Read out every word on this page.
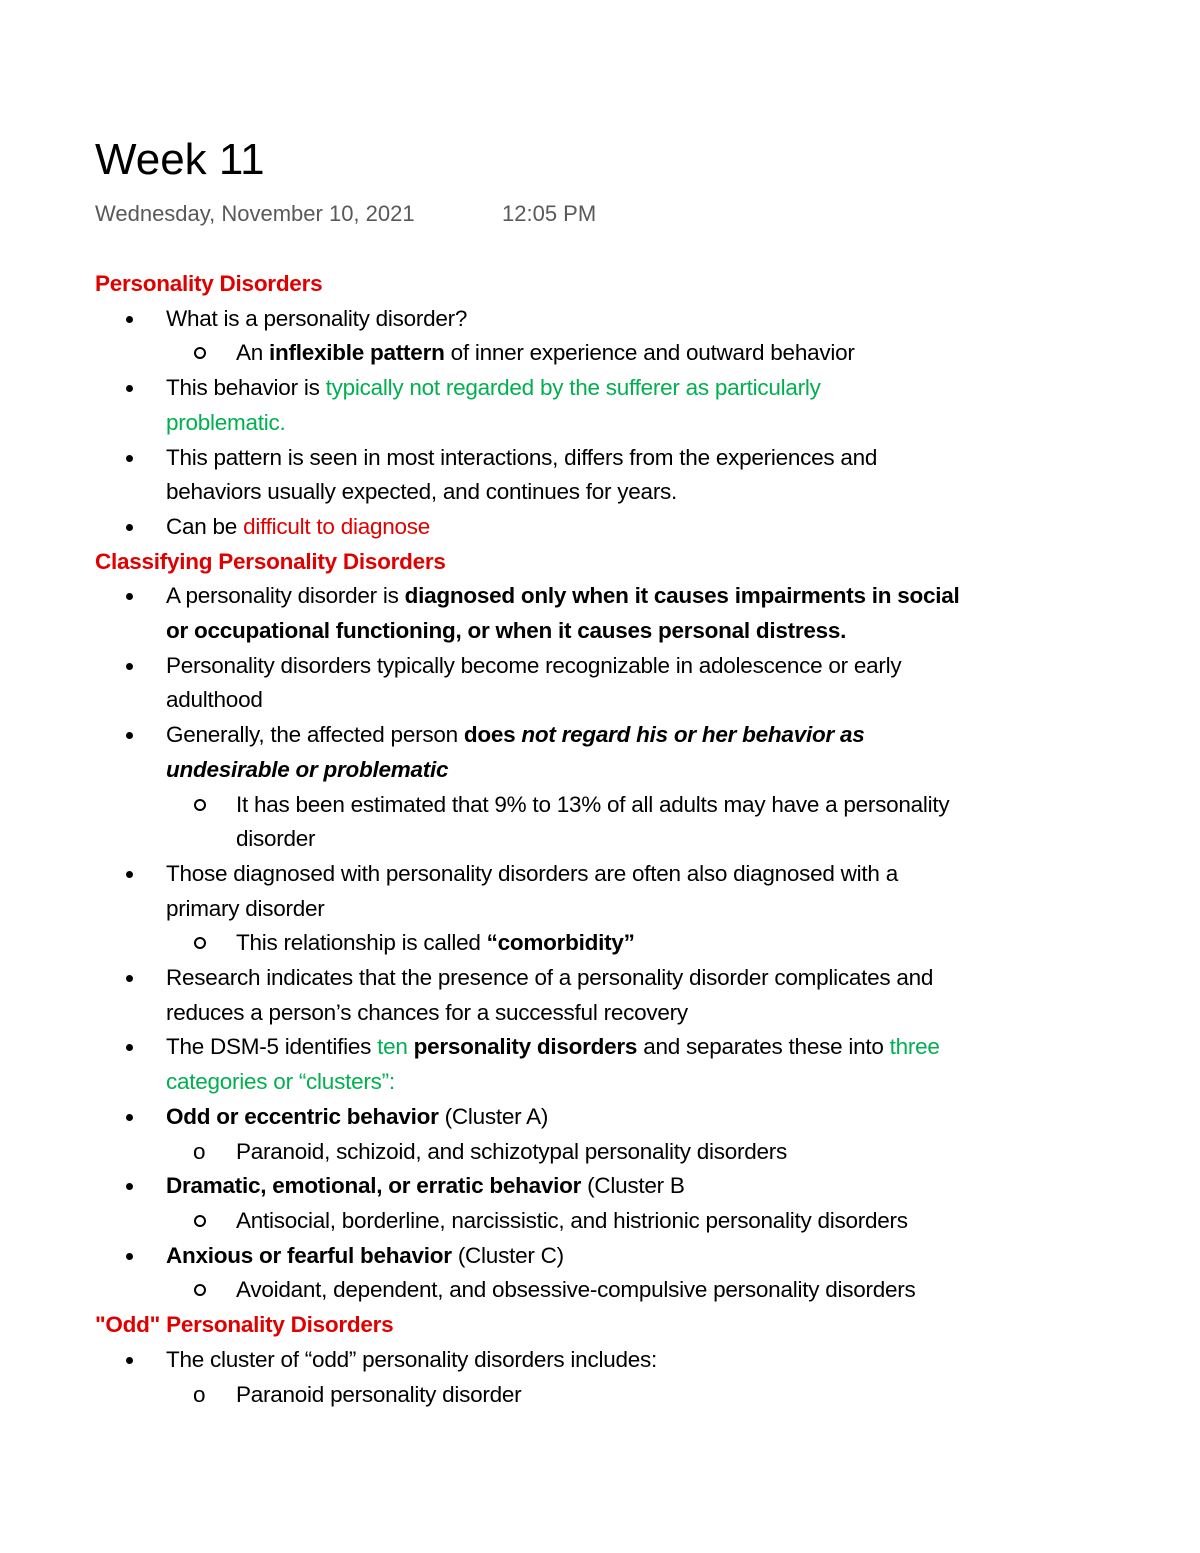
Week 11
Wednesday, November 10, 2021	12:05 PM
Personality Disorders
What is a personality disorder?
An inflexible pattern of inner experience and outward behavior
This behavior is typically not regarded by the sufferer as particularly
problematic.
This pattern is seen in most interactions, differs from the experiences and
behaviors usually expected, and continues for years.
Can be difficult to diagnose
Classifying Personality Disorders
A personality disorder is diagnosed only when it causes impairments in social
or occupational functioning, or when it causes personal distress.
Personality disorders typically become recognizable in adolescence or early
adulthood
Generally, the affected person does not regard his or her behavior as
undesirable or problematic
It has been estimated that 9% to 13% of all adults may have a personality
disorder
Those diagnosed with personality disorders are often also diagnosed with a
primary disorder
This relationship is called “comorbidity”
Research indicates that the presence of a personality disorder complicates and
reduces a person’s chances for a successful recovery
The DSM-5 identifies ten personality disorders and separates these into three
categories or “clusters”:
Odd or eccentric behavior (Cluster A)
o Paranoid, schizoid, and schizotypal personality disorders
Dramatic, emotional, or erratic behavior (Cluster B
Antisocial, borderline, narcissistic, and histrionic personality disorders
Anxious or fearful behavior (Cluster C)
Avoidant, dependent, and obsessive-compulsive personality disorders
"Odd" Personality Disorders
The cluster of “odd” personality disorders includes:
o Paranoid personality disorder
